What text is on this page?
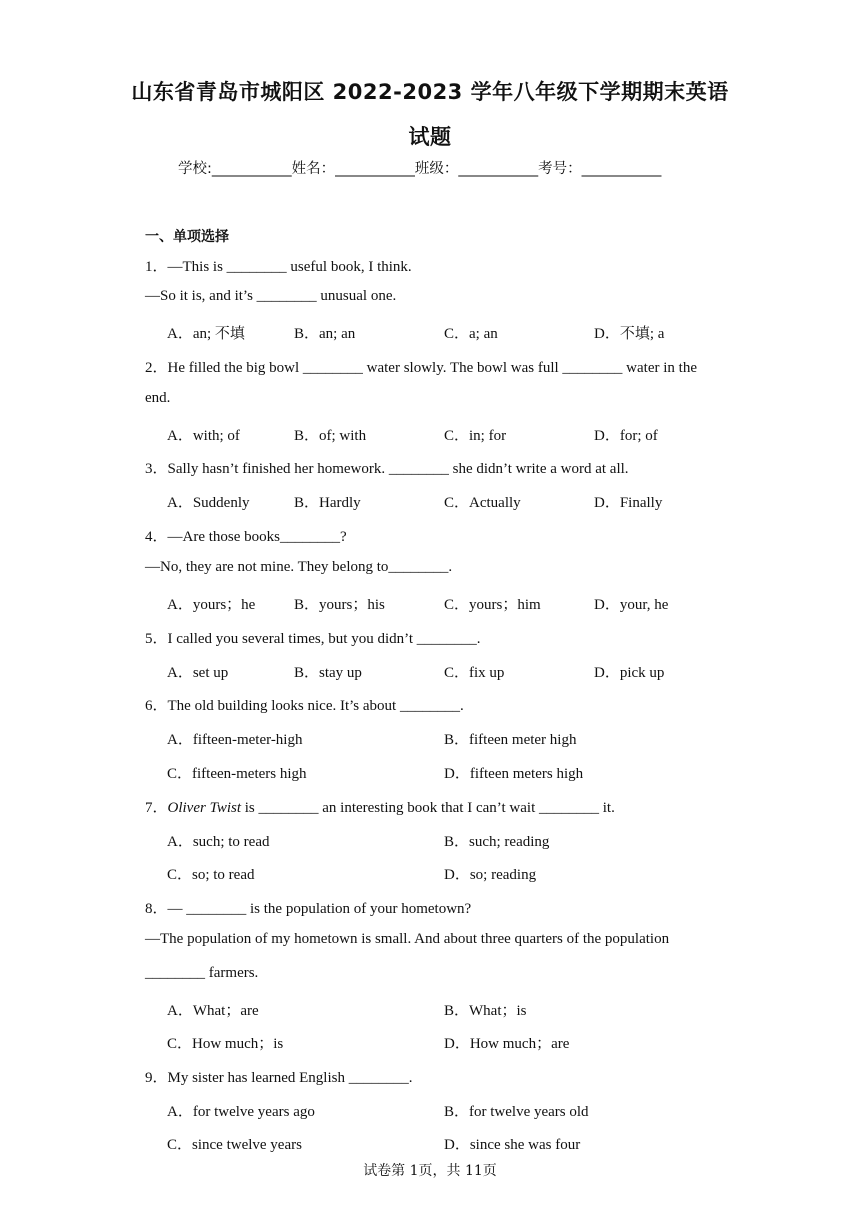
山东省青岛市城阳区 2022-2023 学年八年级下学期期末英语
试题
学校:___________姓名：___________班级：___________考号：___________
一、单项选择
1．—This is ________ useful book, I think.
—So it is, and it’s ________ unusual one.
A．an; 不填	B．an; an	C．a; an	D．不填; a
2．He filled the big bowl ________ water slowly. The bowl was full ________ water in the
end.
A．with; of	B．of; with	C．in; for	D．for; of
3．Sally hasn’t finished her homework. ________ she didn’t write a word at all.
A．Suddenly	B．Hardly	C．Actually	D．Finally
4．—Are those books________?
—No, they are not mine. They belong to________.
A．yours；he	B．yours；his	C．yours；him	D．your, he
5．I called you several times, but you didn’t ________.
A．set up	B．stay up	C．fix up	D．pick up
6．The old building looks nice. It’s about ________.
A．fifteen-meter-high	B．fifteen meter high
C．fifteen-meters high	D．fifteen meters high
7．Oliver Twist is ________ an interesting book that I can’t wait ________ it.
A．such; to read	B．such; reading
C．so; to read	D．so; reading
8．— ________ is the population of your hometown?
—The population of my hometown is small. And about three quarters of the population
________ farmers.
A．What；are	B．What；is
C．How much；is	D．How much；are
9．My sister has learned English ________.
A．for twelve years ago	B．for twelve years old
C．since twelve years	D．since she was four
试卷第 1页，共 11页
